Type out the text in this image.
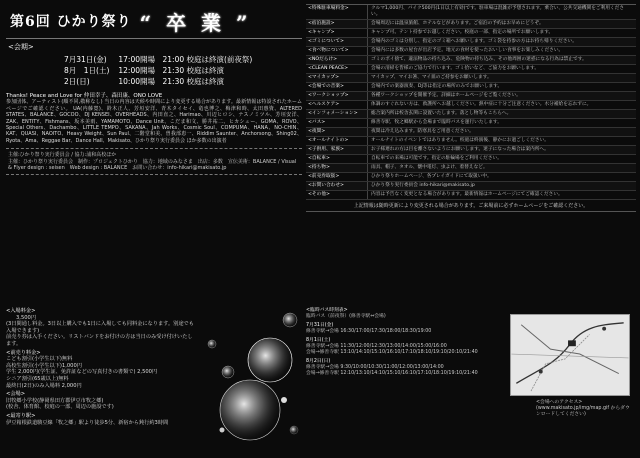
第6回 ひかり祭り “ 卒 業 ”
<会期>
7月31日(金) 17:00開場　21:00 校庭は終演(前夜祭)
8月　1日(土) 12:00開場　21:30 校庭は終演
2日(日)	10:00開場　21:30 校庭は終演
Thanks! Peace and Love for 仲田幸子、森田康、ONO LOVE
参加団体、アーティスト(順不同,敬称なし) 当日の内容は天候や時間により変更する場合があります。最新情報は特設されたホームページでご確認ください。 UA(内藤寛)、鈴木正人、芳垣安洋、青木タイセイ、竜也博之、梅津和時、太田惠資、ALTERED STATES、BALANCE、GOCOO、DJ KENSEI、OVERHEADS、内田直之、Harimao、川辺ヒロシ、ナスノミツル、芳垣安洋、ZAK、ENTITY、Fishmans、坂本美雨、YAMAMOTO、Dance Unit、こだま和文、勝井祐二、ヒカシュー、GOMA、ROVO、Special Others、Dachambo、LITTLE TEMPO、SAKANA、Jah Works、Cosmic Soul、COMPUMA、HANA、NO-CHIN、KAT、QUASI、NAOITO、Heavy Weight、Sun Paul、二階堂和美、曽我部恵一、Riddim Saunter、Anchorsong、Shing02、Ryota、Ama、Reggae Bar、Dance Hall、Makisato、ひかり祭り実行委員会 ほか多数の出演者
主催:ひかり祭り実行委員会 / 協力:浦和高校ほか
主催：ひかり祭り実行委員会　制作：プロジェクトひかり　協力：地域のみなさま　出店：多数　宣伝美術：BALANCE / Visual & Flyer design : seisen　Web design : BALANCE　お問い合わせ：info-hikari@makisato.jp
<入場料金>
3,500円
(3日間通し料金。3日以上購入でも1日に入場しても同料金になります。別途でも入場できます)
前売り券は入手ください。リストバンドをお付けの方は当日のみ受け付けいたします。
<前売り料金>
こども割引(小学生以下)無料
高校生割引(小学生以下)1,000円
学生 2,000円(学生証、免許証などの写真付きの書類で) 2,500円
シニア割引(65歳以上)無料
最終日(2日)のみ入場料 2,000円
<会場>
旧牧郷小学校(静岡県田方郡伊豆市牧之郷)
(校舎、体育館、校庭の一部、周辺の施設です)
<最寄り駅>
伊豆箱根鉄道駿豆線「牧之郷」駅より徒歩5分、新宿から鈍行約3時間
<特殊駐車場料金>	クルマ1,000円、バイク500円(1日以上有効)です。駐車場は混雑が予想されます。乗合い、公共交通機関をご利用ください。
<宿泊施設>	会場周辺には温泉旅館、ホテルなどがあります。ご宿泊の予約はお早めにどうぞ。
<キャンプ>	キャンプ可。テント持参でお越しください。校庭の一部、指定の場所でお願いします。
<ゴミについて>	会場内のゴミは分別し、指定のゴミ箱へお願いします。ゴミ袋を持参の方はお持ち帰りください。
<食べ物について>	会場内には多数の屋台が出店予定。地元の食材を使ったおいしい食事をお楽しみください。
<NOだらけ>	ゴミのポイ捨て、違法物品の持ち込み、危険物の持ち込み、その他周囲の迷惑になる行為は禁止です。
<CLEAN PEACE>	会場の清掃を皆様のご協力で行います。ゴミ拾いなど、ご協力をお願いします。
<マイカップ>	マイカップ、マイお箸、マイ皿のご持参をお願いします。
<会場での音楽>	会場内での楽器演奏、DJ等は指定の場所のみでお願いします。
<ワークショップ>	各種ワークショップを開催予定。詳細はホームページをご覧ください。
<ヘルスケア>	体調のすぐれない方は、救護所へお越しください。熱中症に十分ご注意ください。水分補給を忘れずに。
<インフォメーション>	総合案内所は校舎玄関に設置いたします。落とし物等もこちらへ。
<バス>	修善寺駅、牧之郷駅から会場まで臨時バスを運行いたします。
<夜間>	夜間は冷え込みます。防寒具をご用意ください。
<オールナイトの>	オールナイトのイベントではありません。校庭は終演後、静かにお過ごしください。
<子供用、家族>	お子様連れの方は目を離さないようにお願いします。迷子になった場合は案内所へ。
<自転車>	自転車での来場は可能です。指定の駐輪場をご利用ください。
<持ち物>	雨具、帽子、タオル、懐中電灯、虫よけ、着替えなど。
<前売券取扱>	ひかり祭りホームページ、各プレイガイドにて取扱い中。
<お問い合わせ>	ひかり祭り実行委員会 info-hikari@makisato.jp
<その他>	内容は予告なく変更となる場合があります。最新情報はホームページにてご確認ください。
上記情報は随時更新により変更される場合があります。ご来場前に必ずホームページをご確認ください。
<臨時バス時刻表>
臨時バス（前夜祭）(修善寺駅⇔会場)
7月31日(金)
修善寺駅→会場 16:30/17:00/17:30/18:00/18:30/19:00
8月1日(土)
修善寺駅→会場 11:30/12:00/12:30/13:00/14:00/15:00/16:00
会場→修善寺駅 13:10/14:10/15:10/16:10/17:10/18:10/19:10/20:10/21:40
8月2日(日)
修善寺駅→会場 9:30/10:00/10:30/11:00/12:00/13:00/14:00
会場→修善寺駅 12:10/13:10/14:10/15:10/16:10/17:10/18:10/19:10/21:40
<会場へのアクセス>
(www.makisato.jp/img/map.gif からダウンロードしてください)
